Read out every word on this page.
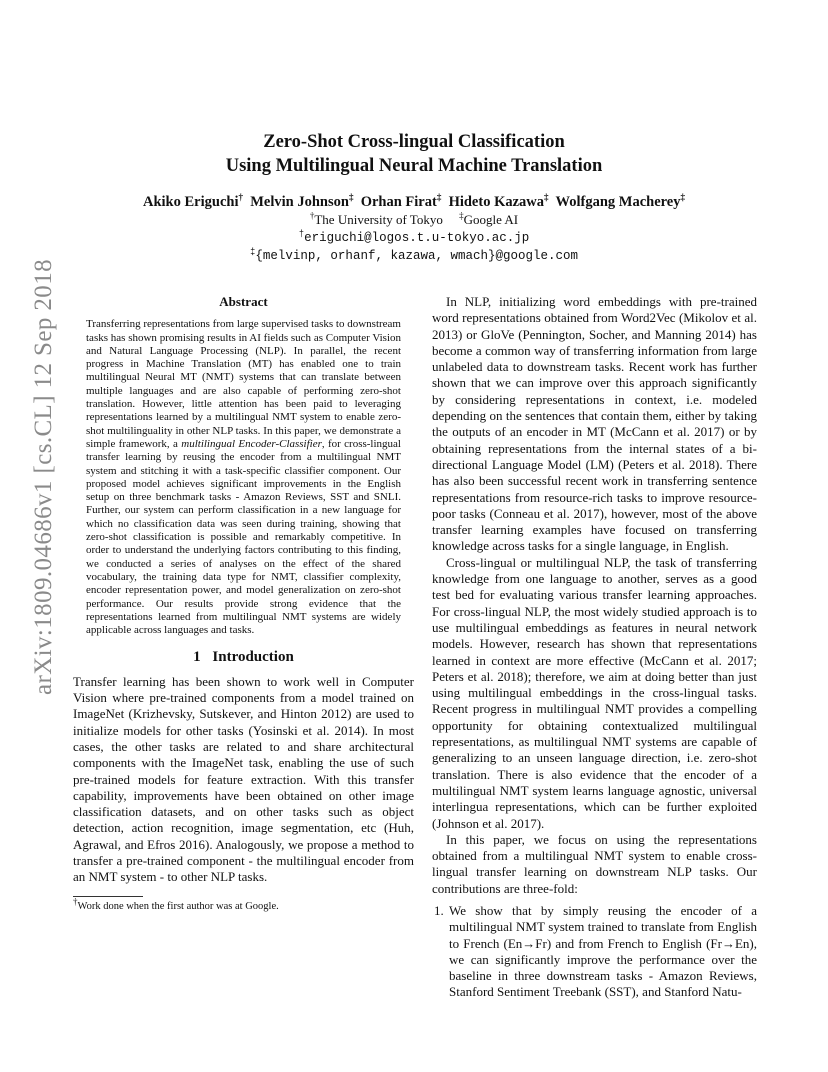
arXiv:1809.04686v1 [cs.CL] 12 Sep 2018
Zero-Shot Cross-lingual Classification
Using Multilingual Neural Machine Translation
Akiko Eriguchi† Melvin Johnson‡ Orhan Firat‡ Hideto Kazawa‡ Wolfgang Macherey‡
†The University of Tokyo ‡Google AI
†eriguchi@logos.t.u-tokyo.ac.jp
‡{melvinp, orhanf, kazawa, wmach}@google.com
Abstract
Transferring representations from large supervised tasks to downstream tasks has shown promising results in AI fields such as Computer Vision and Natural Language Processing (NLP). In parallel, the recent progress in Machine Translation (MT) has enabled one to train multilingual Neural MT (NMT) systems that can translate between multiple languages and are also capable of performing zero-shot translation. However, little attention has been paid to leveraging representations learned by a multilingual NMT system to enable zero-shot multilinguality in other NLP tasks. In this paper, we demonstrate a simple framework, a multilingual Encoder-Classifier, for cross-lingual transfer learning by reusing the encoder from a multilingual NMT system and stitching it with a task-specific classifier component. Our proposed model achieves significant improvements in the English setup on three benchmark tasks - Amazon Reviews, SST and SNLI. Further, our system can perform classification in a new language for which no classification data was seen during training, showing that zero-shot classification is possible and remarkably competitive. In order to understand the underlying factors contributing to this finding, we conducted a series of analyses on the effect of the shared vocabulary, the training data type for NMT, classifier complexity, encoder representation power, and model generalization on zero-shot performance. Our results provide strong evidence that the representations learned from multilingual NMT systems are widely applicable across languages and tasks.
1 Introduction

Transfer learning has been shown to work well in Computer Vision where pre-trained components from a model trained on ImageNet (Krizhevsky, Sutskever, and Hinton 2012) are used to initialize models for other tasks (Yosinski et al. 2014). In most cases, the other tasks are related to and share architectural components with the ImageNet task, enabling the use of such pre-trained models for feature extraction. With this transfer capability, improvements have been obtained on other image classification datasets, and on other tasks such as object detection, action recognition, image segmentation, etc (Huh, Agrawal, and Efros 2016). Analogously, we propose a method to transfer a pre-trained component - the multilingual encoder from an NMT system - to other NLP tasks.

†Work done when the first author was at Google.

In NLP, initializing word embeddings with pre-trained word representations obtained from Word2Vec (Mikolov et al. 2013) or GloVe (Pennington, Socher, and Manning 2014) has become a common way of transferring information from large unlabeled data to downstream tasks. Recent work has further shown that we can improve over this approach significantly by considering representations in context, i.e. modeled depending on the sentences that contain them, either by taking the outputs of an encoder in MT (McCann et al. 2017) or by obtaining representations from the internal states of a bi-directional Language Model (LM) (Peters et al. 2018). There has also been successful recent work in transferring sentence representations from resource-rich tasks to improve resource-poor tasks (Conneau et al. 2017), however, most of the above transfer learning examples have focused on transferring knowledge across tasks for a single language, in English.

Cross-lingual or multilingual NLP, the task of transferring knowledge from one language to another, serves as a good test bed for evaluating various transfer learning approaches. For cross-lingual NLP, the most widely studied approach is to use multilingual embeddings as features in neural network models. However, research has shown that representations learned in context are more effective (McCann et al. 2017; Peters et al. 2018); therefore, we aim at doing better than just using multilingual embeddings in the cross-lingual tasks. Recent progress in multilingual NMT provides a compelling opportunity for obtaining contextualized multilingual representations, as multilingual NMT systems are capable of generalizing to an unseen language direction, i.e. zero-shot translation. There is also evidence that the encoder of a multilingual NMT system learns language agnostic, universal interlingua representations, which can be further exploited (Johnson et al. 2017).

In this paper, we focus on using the representations obtained from a multilingual NMT system to enable cross-lingual transfer learning on downstream NLP tasks. Our contributions are three-fold:

1. We show that by simply reusing the encoder of a multilingual NMT system trained to translate from English to French (En→Fr) and from French to English (Fr→En), we can significantly improve the performance over the baseline in three downstream tasks - Amazon Reviews, Stanford Sentiment Treebank (SST), and Stanford Natu-
